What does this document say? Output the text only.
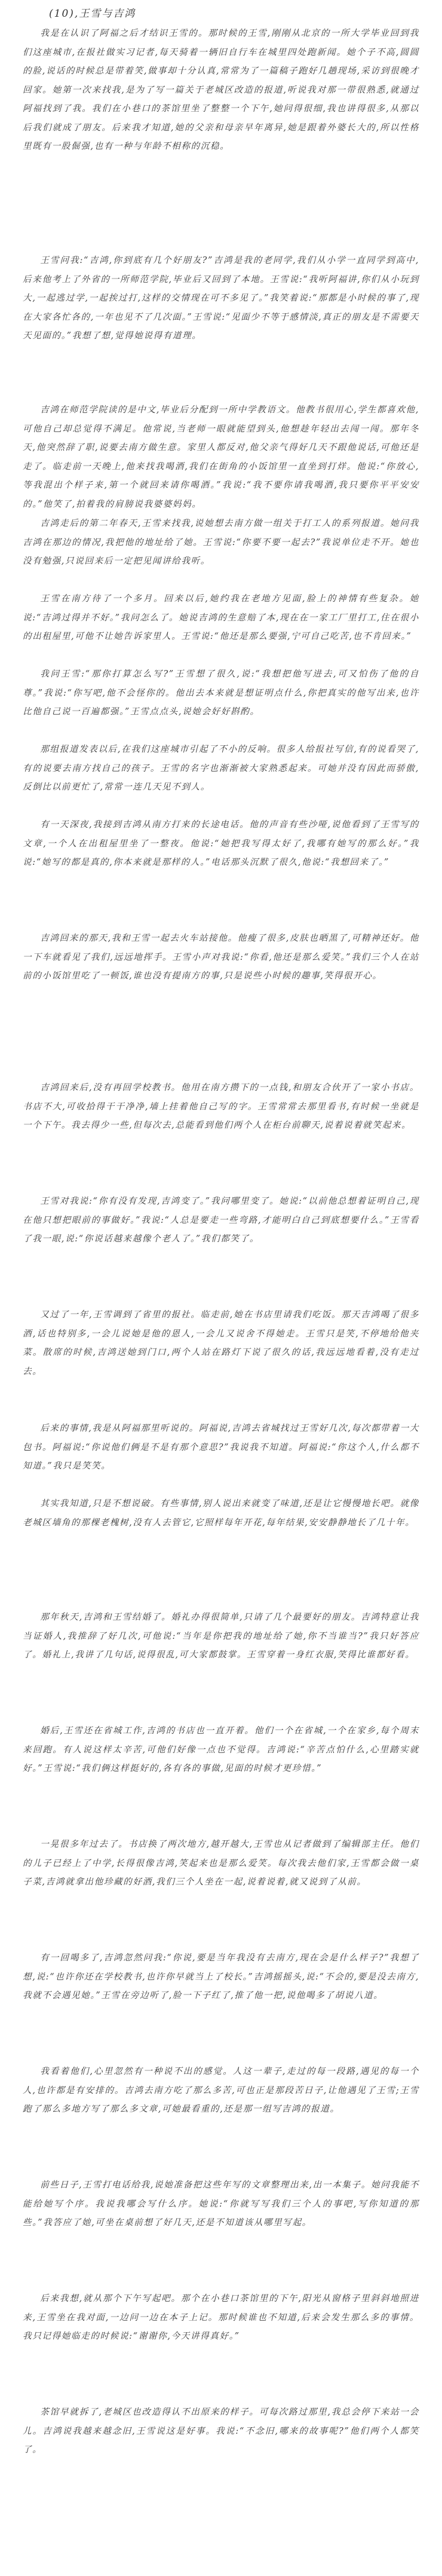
(10),王雪与吉鸿
我是在认识了阿福之后才结识王雪的。那时候的王雪,刚刚从北京的一所大学毕业回到我们这座城市,在报社做实习记者,每天骑着一辆旧自行车在城里四处跑新闻。她个子不高,圆圆的脸,说话的时候总是带着笑,做事却十分认真,常常为了一篇稿子跑好几趟现场,采访到很晚才回家。她第一次来找我,是为了写一篇关于老城区改造的报道,听说我对那一带很熟悉,就通过阿福找到了我。我们在小巷口的茶馆里坐了整整一个下午,她问得很细,我也讲得很多,从那以后我们就成了朋友。后来我才知道,她的父亲和母亲早年离异,她是跟着外婆长大的,所以性格里既有一股倔强,也有一种与年龄不相称的沉稳。
王雪问我:“吉鸿,你到底有几个好朋友?”吉鸿是我的老同学,我们从小学一直同学到高中,后来他考上了外省的一所师范学院,毕业后又回到了本地。王雪说:“我听阿福讲,你们从小玩到大,一起逃过学,一起挨过打,这样的交情现在可不多见了。”我笑着说:“那都是小时候的事了,现在大家各忙各的,一年也见不了几次面。”王雪说:“见面少不等于感情淡,真正的朋友是不需要天天见面的。”我想了想,觉得她说得有道理。
吉鸿在师范学院读的是中文,毕业后分配到一所中学教语文。他教书很用心,学生都喜欢他,可他自己却总觉得不满足。他常说,当老师一眼就能望到头,他想趁年轻出去闯一闯。那年冬天,他突然辞了职,说要去南方做生意。家里人都反对,他父亲气得好几天不跟他说话,可他还是走了。临走前一天晚上,他来找我喝酒,我们在街角的小饭馆里一直坐到打烊。他说:“你放心,等我混出个样子来,第一个就回来请你喝酒。”我说:“我不要你请我喝酒,我只要你平平安安的。”他笑了,拍着我的肩膀说我婆婆妈妈。
吉鸿走后的第二年春天,王雪来找我,说她想去南方做一组关于打工人的系列报道。她问我吉鸿在那边的情况,我把他的地址给了她。王雪说:“你要不要一起去?”我说单位走不开。她也没有勉强,只说回来后一定把见闻讲给我听。
王雪在南方待了一个多月。回来以后,她约我在老地方见面,脸上的神情有些复杂。她说:“吉鸿过得并不好。”我问怎么了。她说吉鸿的生意赔了本,现在在一家工厂里打工,住在很小的出租屋里,可他不让她告诉家里人。王雪说:“他还是那么要强,宁可自己吃苦,也不肯回来。”
我问王雪:“那你打算怎么写?”王雪想了很久,说:“我想把他写进去,可又怕伤了他的自尊。”我说:“你写吧,他不会怪你的。他出去本来就是想证明点什么,你把真实的他写出来,也许比他自己说一百遍都强。”王雪点点头,说她会好好斟酌。
那组报道发表以后,在我们这座城市引起了不小的反响。很多人给报社写信,有的说看哭了,有的说要去南方找自己的孩子。王雪的名字也渐渐被大家熟悉起来。可她并没有因此而骄傲,反倒比以前更忙了,常常一连几天见不到人。
有一天深夜,我接到吉鸿从南方打来的长途电话。他的声音有些沙哑,说他看到了王雪写的文章,一个人在出租屋里坐了一整夜。他说:“她把我写得太好了,我哪有她写的那么好。”我说:“她写的都是真的,你本来就是那样的人。”电话那头沉默了很久,他说:“我想回来了。”
吉鸿回来的那天,我和王雪一起去火车站接他。他瘦了很多,皮肤也晒黑了,可精神还好。他一下车就看见了我们,远远地挥手。王雪小声对我说:“你看,他还是那么爱笑。”我们三个人在站前的小饭馆里吃了一顿饭,谁也没有提南方的事,只是说些小时候的趣事,笑得很开心。
吉鸿回来后,没有再回学校教书。他用在南方攒下的一点钱,和朋友合伙开了一家小书店。书店不大,可收拾得干干净净,墙上挂着他自己写的字。王雪常常去那里看书,有时候一坐就是一个下午。我去得少一些,但每次去,总能看到他们两个人在柜台前聊天,说着说着就笑起来。
王雪对我说:“你有没有发现,吉鸿变了。”我问哪里变了。她说:“以前他总想着证明自己,现在他只想把眼前的事做好。”我说:“人总是要走一些弯路,才能明白自己到底想要什么。”王雪看了我一眼,说:“你说话越来越像个老人了。”我们都笑了。
又过了一年,王雪调到了省里的报社。临走前,她在书店里请我们吃饭。那天吉鸿喝了很多酒,话也特别多,一会儿说她是他的恩人,一会儿又说舍不得她走。王雪只是笑,不停地给他夹菜。散席的时候,吉鸿送她到门口,两个人站在路灯下说了很久的话,我远远地看着,没有走过去。
后来的事情,我是从阿福那里听说的。阿福说,吉鸿去省城找过王雪好几次,每次都带着一大包书。阿福说:“你说他们俩是不是有那个意思?”我说我不知道。阿福说:“你这个人,什么都不知道。”我只是笑笑。
其实我知道,只是不想说破。有些事情,别人说出来就变了味道,还是让它慢慢地长吧。就像老城区墙角的那棵老槐树,没有人去管它,它照样每年开花,每年结果,安安静静地长了几十年。
那年秋天,吉鸿和王雪结婚了。婚礼办得很简单,只请了几个最要好的朋友。吉鸿特意让我当证婚人,我推辞了好几次,可他说:“当年是你把我的地址给了她,你不当谁当?”我只好答应了。婚礼上,我讲了几句话,说得很乱,可大家都鼓掌。王雪穿着一身红衣服,笑得比谁都好看。
婚后,王雪还在省城工作,吉鸿的书店也一直开着。他们一个在省城,一个在家乡,每个周末来回跑。有人说这样太辛苦,可他们好像一点也不觉得。吉鸿说:“辛苦点怕什么,心里踏实就好。”王雪说:“我们俩这样挺好的,各有各的事做,见面的时候才更珍惜。”
一晃很多年过去了。书店换了两次地方,越开越大,王雪也从记者做到了编辑部主任。他们的儿子已经上了中学,长得很像吉鸿,笑起来也是那么爱笑。每次我去他们家,王雪都会做一桌子菜,吉鸿就拿出他珍藏的好酒,我们三个人坐在一起,说着说着,就又说到了从前。
有一回喝多了,吉鸿忽然问我:“你说,要是当年我没有去南方,现在会是什么样子?”我想了想,说:“也许你还在学校教书,也许你早就当上了校长。”吉鸿摇摇头,说:“不会的,要是没去南方,我就不会遇见她。”王雪在旁边听了,脸一下子红了,推了他一把,说他喝多了胡说八道。
我看着他们,心里忽然有一种说不出的感觉。人这一辈子,走过的每一段路,遇见的每一个人,也许都是有安排的。吉鸿去南方吃了那么多苦,可也正是那段苦日子,让他遇见了王雪;王雪跑了那么多地方写了那么多文章,可她最看重的,还是那一组写吉鸿的报道。
前些日子,王雪打电话给我,说她准备把这些年写的文章整理出来,出一本集子。她问我能不能给她写个序。我说我哪会写什么序。她说:“你就写写我们三个人的事吧,写你知道的那些。”我答应了她,可坐在桌前想了好几天,还是不知道该从哪里写起。
后来我想,就从那个下午写起吧。那个在小巷口茶馆里的下午,阳光从窗格子里斜斜地照进来,王雪坐在我对面,一边问一边在本子上记。那时候谁也不知道,后来会发生那么多的事情。我只记得她临走的时候说:“谢谢你,今天讲得真好。”
茶馆早就拆了,老城区也改造得认不出原来的样子。可每次路过那里,我总会停下来站一会儿。吉鸿说我越来越念旧,王雪说这是好事。我说:“不念旧,哪来的故事呢?”他们两个人都笑了。
